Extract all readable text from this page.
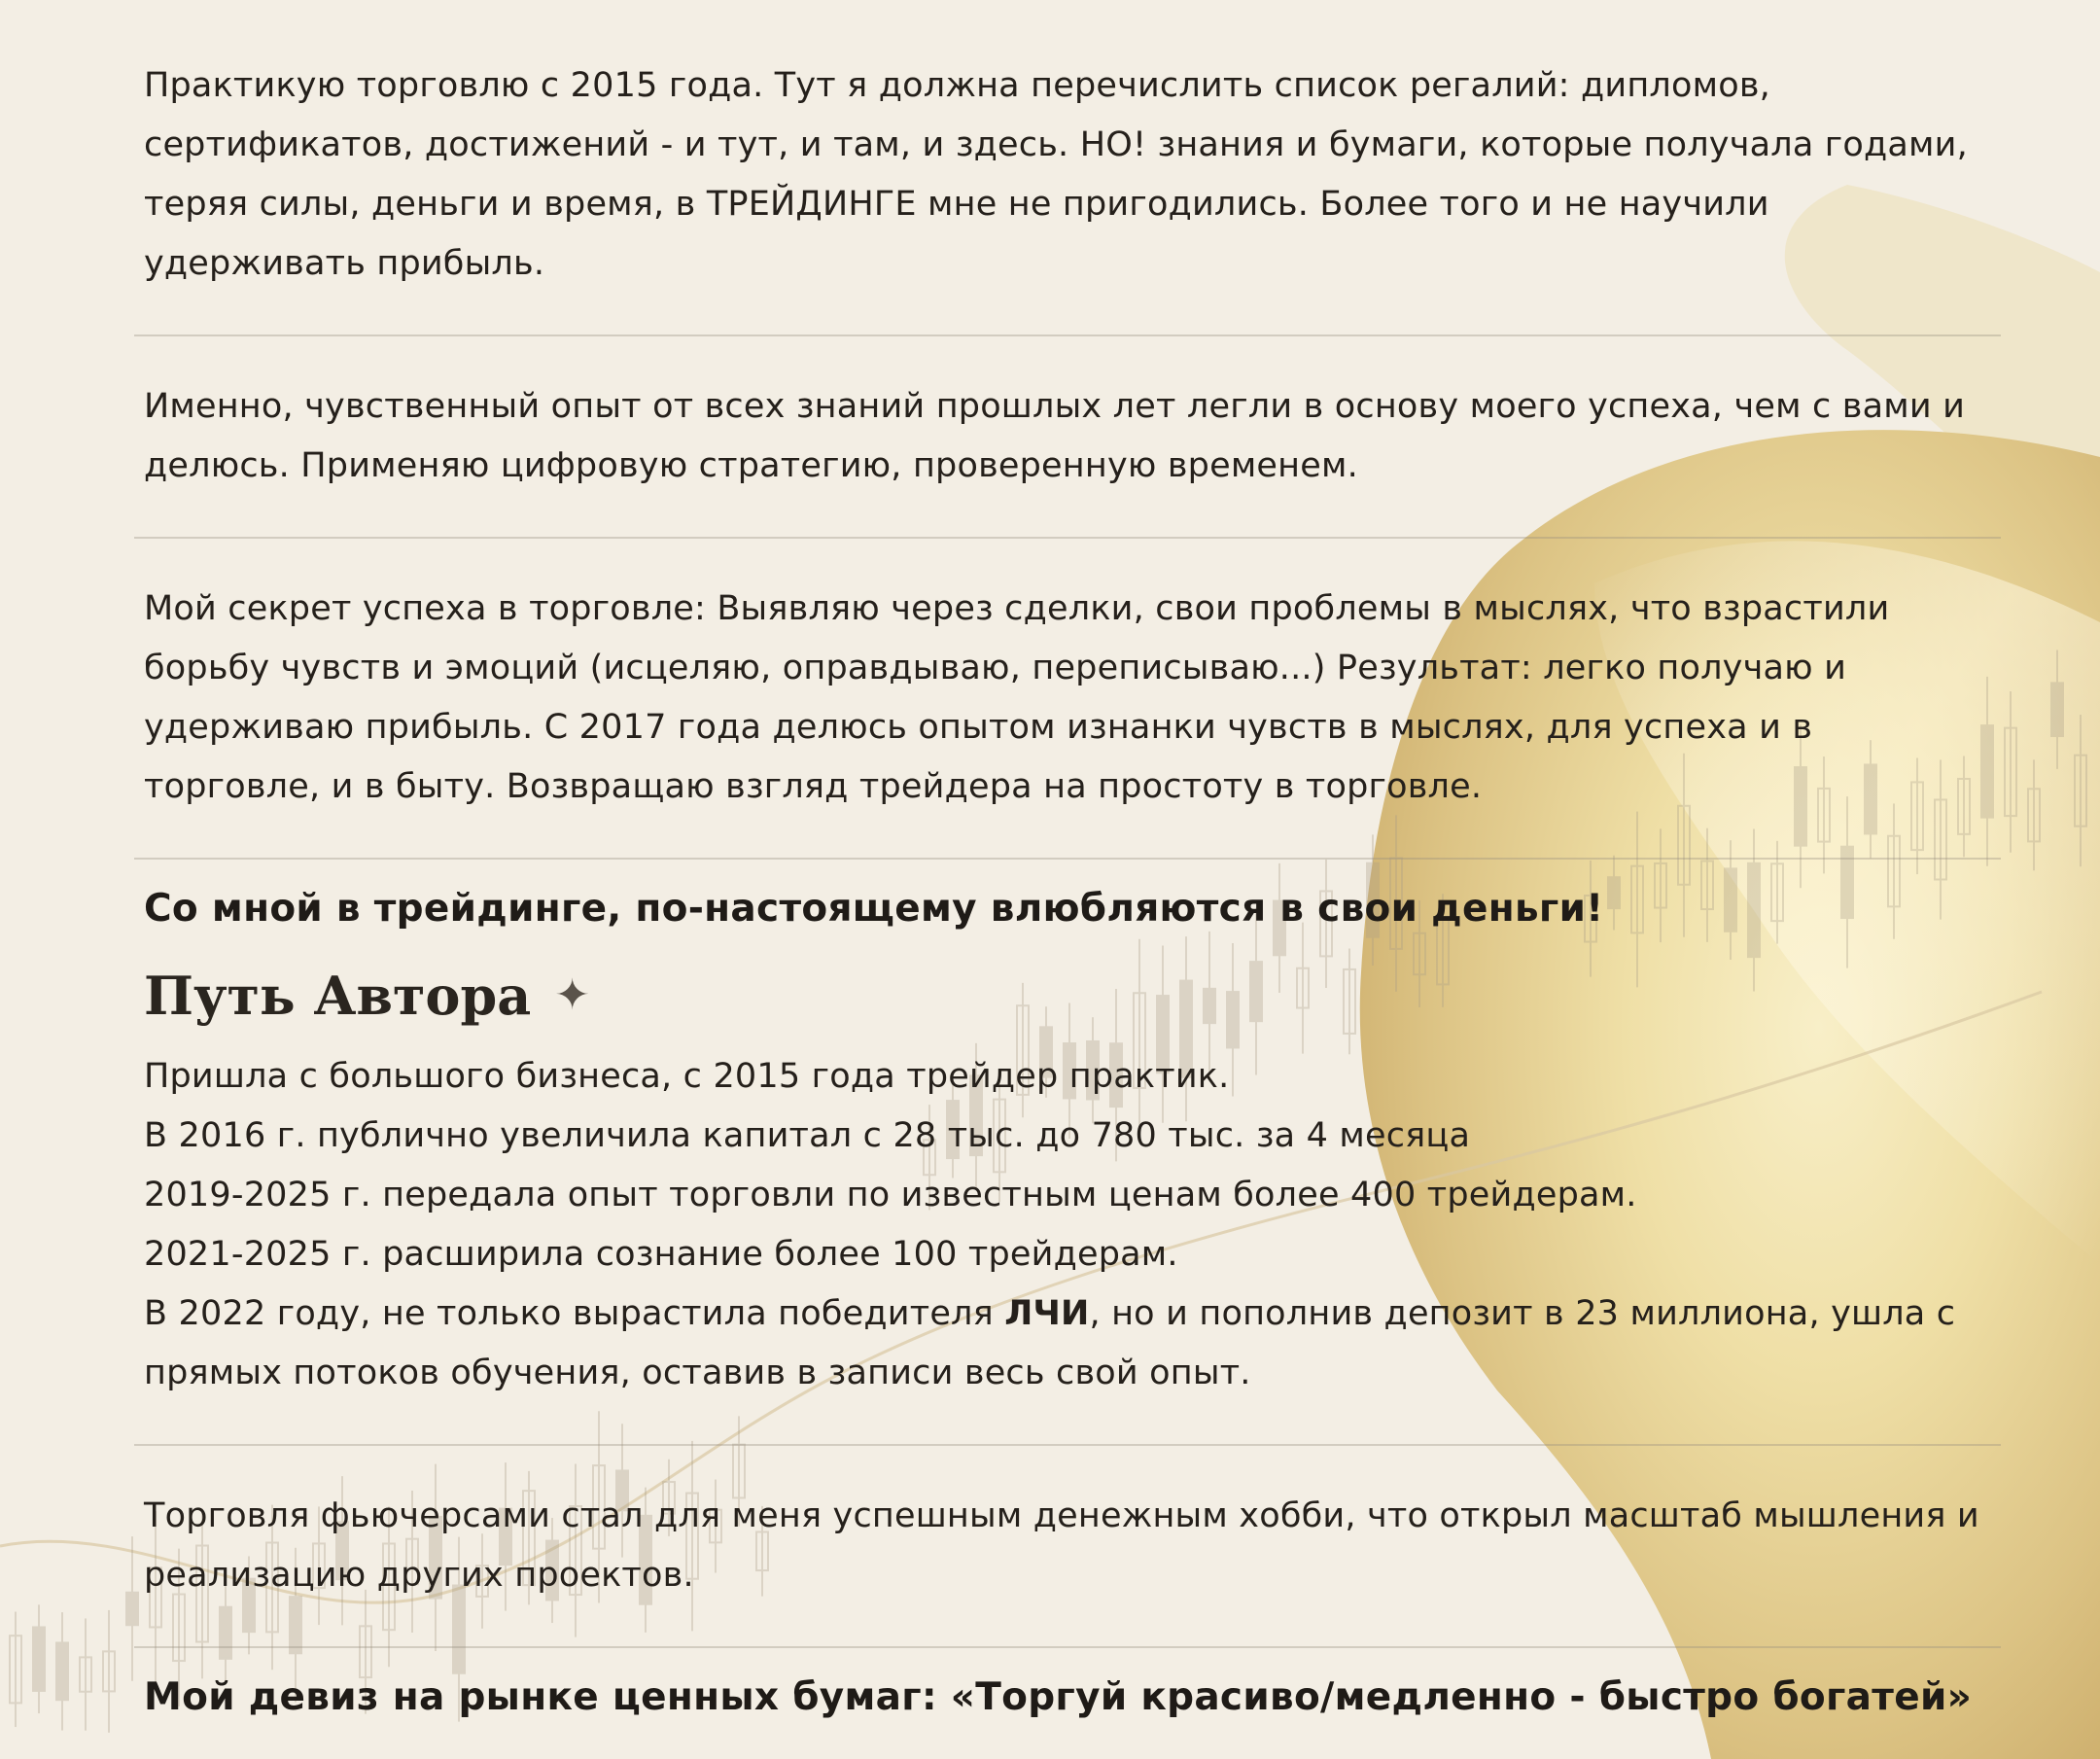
Практикую торговлю с 2015 года. Тут я должна перечислить список регалий: дипломов, сертификатов, достижений - и тут, и там, и здесь. НО! знания и бумаги, которые получала годами, теряя силы, деньги и время, в ТРЕЙДИНГЕ мне не пригодились. Более того и не научили удерживать прибыль.

Именно, чувственный опыт от всех знаний прошлых лет легли в основу моего успеха, чем с вами и делюсь. Применяю цифровую стратегию, проверенную временем.

Мой секрет успеха в торговле: Выявляю через сделки, свои проблемы в мыслях, что взрастили борьбу чувств и эмоций (исцеляю, оправдываю, переписываю...) Результат: легко получаю и удерживаю прибыль. С 2017 года делюсь опытом изнанки чувств в мыслях, для успеха и в торговле, и в быту. Возвращаю взгляд трейдера на простоту в торговле.

Со мной в трейдинге, по-настоящему влюбляются в свои деньги!

Путь Автора ✦

Пришла с большого бизнеса, с 2015 года трейдер практик.
В 2016 г. публично увеличила капитал с 28 тыс. до 780 тыс. за 4 месяца
2019-2025 г. передала опыт торговли по известным ценам более 400 трейдерам.
2021-2025 г. расширила сознание более 100 трейдерам.
В 2022 году, не только вырастила победителя ЛЧИ, но и пополнив депозит в 23 миллиона, ушла с прямых потоков обучения, оставив в записи весь свой опыт.

Торговля фьючерсами стал для меня успешным денежным хобби, что открыл масштаб мышления и реализацию других проектов.

Мой девиз на рынке ценных бумаг: «Торгуй красиво/медленно - быстро богатей»
